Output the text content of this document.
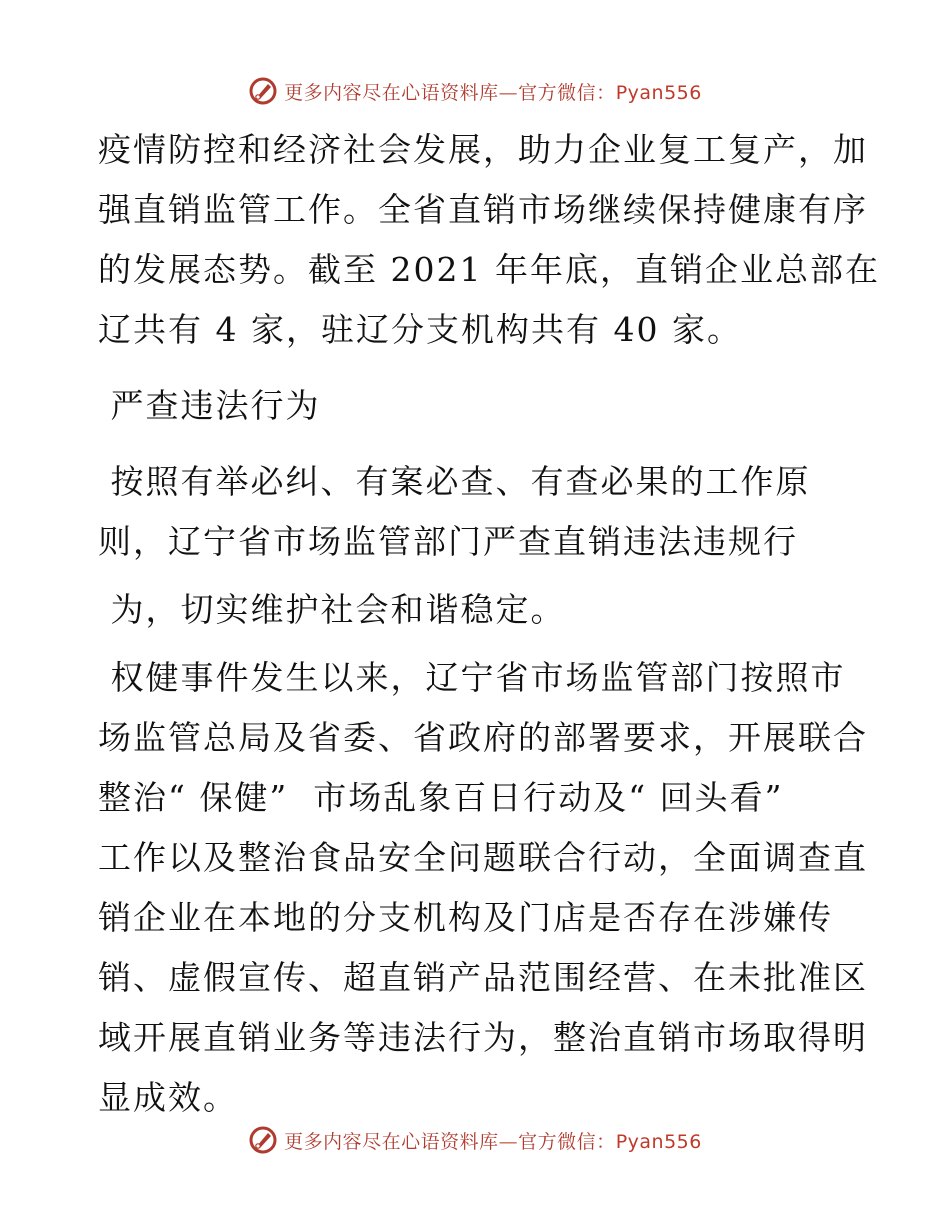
更多内容尽在心语资料库—官方微信：Pyan556
疫情防控和经济社会发展，助力企业复工复产，加
强直销监管工作。全省直销市场继续保持健康有序
的发展态势。截至 2021 年年底，直销企业总部在
辽共有 4 家，驻辽分支机构共有 40 家。
严查违法行为
按照有举必纠、有案必查、有查必果的工作原
则，辽宁省市场监管部门严查直销违法违规行
为，切实维护社会和谐稳定。
权健事件发生以来，辽宁省市场监管部门按照市
场监管总局及省委、省政府的部署要求，开展联合
整治“ 保健”  市场乱象百日行动及“ 回头看”
工作以及整治食品安全问题联合行动，全面调查直
销企业在本地的分支机构及门店是否存在涉嫌传
销、虚假宣传、超直销产品范围经营、在未批准区
域开展直销业务等违法行为，整治直销市场取得明
显成效。
更多内容尽在心语资料库—官方微信：Pyan556
